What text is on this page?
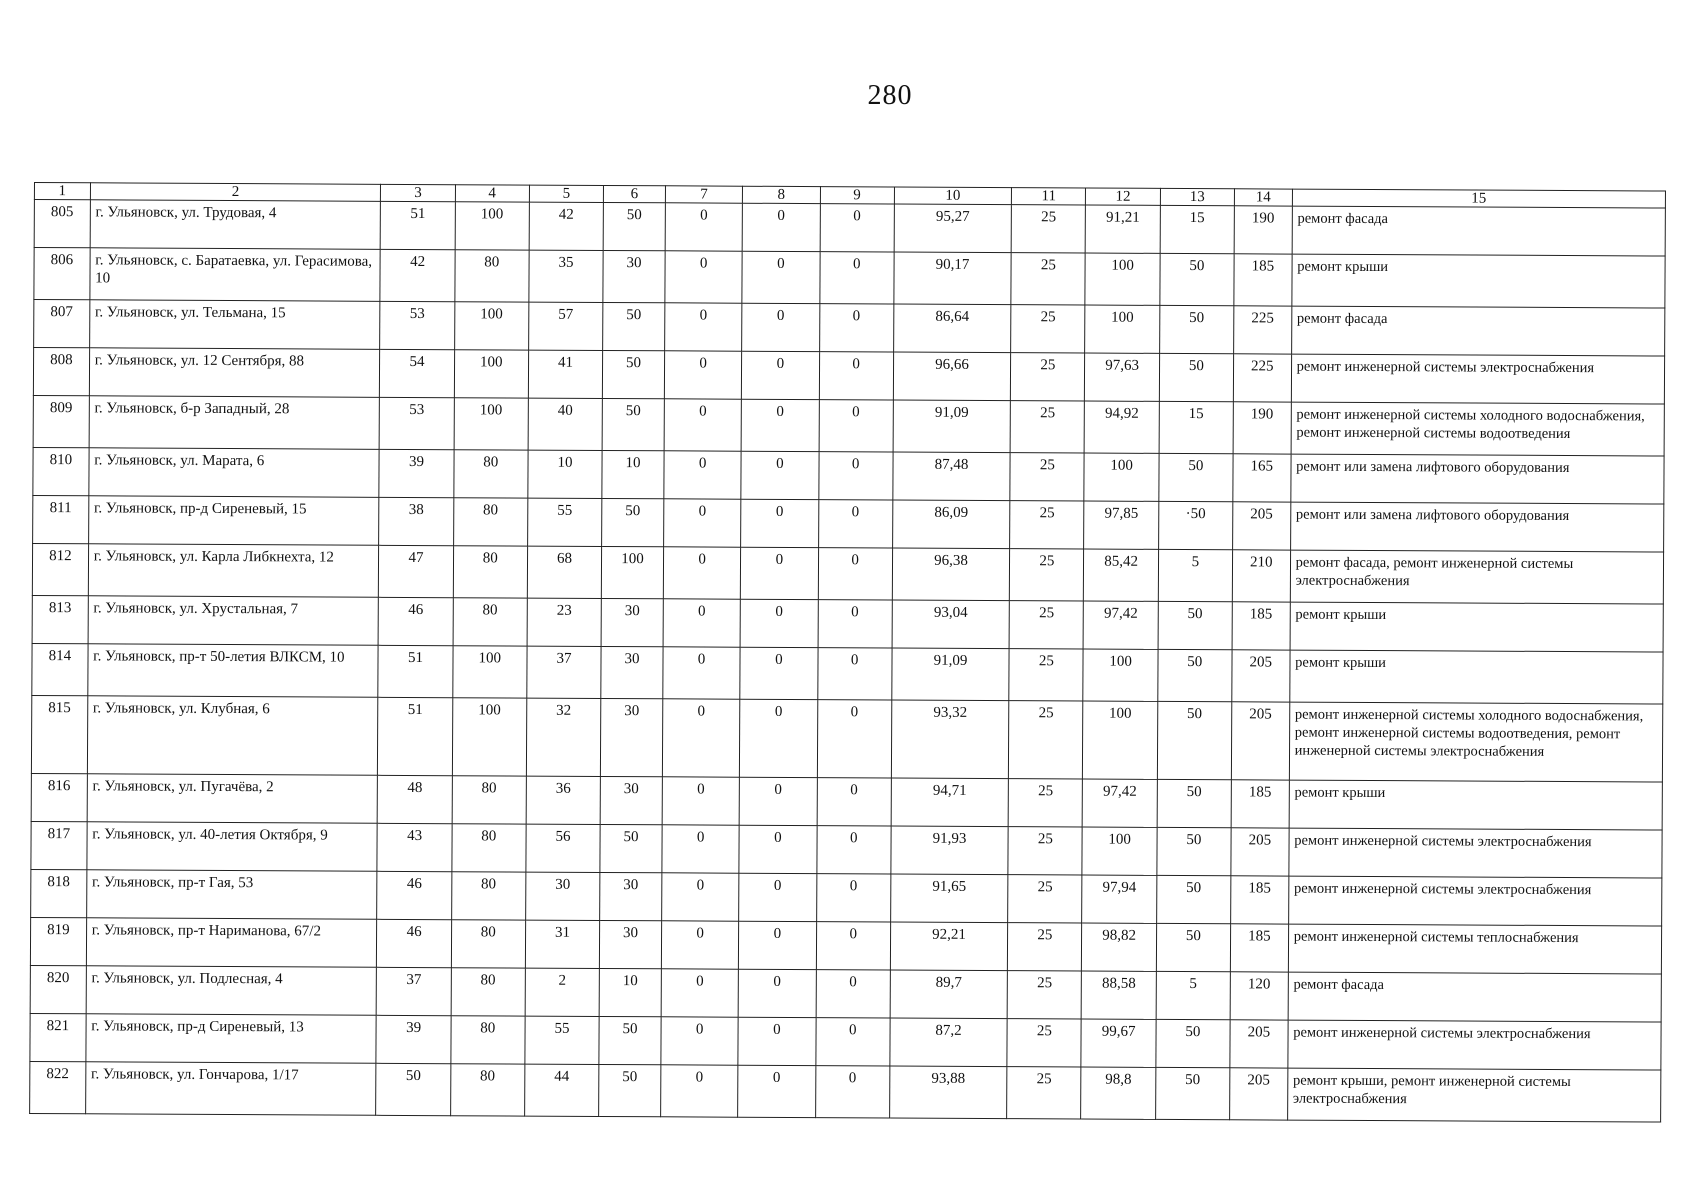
280
1	2	3	4	5	6	7	8	9	10	11	12	13	14	15
805	г. Ульяновск, ул. Трудовая, 4	51	100	42	50	0	0	0	95,27	25	91,21	15	190	ремонт фасада
806	г. Ульяновск, с. Баратаевка, ул. Герасимова, 10	42	80	35	30	0	0	0	90,17	25	100	50	185	ремонт крыши
807	г. Ульяновск, ул. Тельмана, 15	53	100	57	50	0	0	0	86,64	25	100	50	225	ремонт фасада
808	г. Ульяновск, ул. 12 Сентября, 88	54	100	41	50	0	0	0	96,66	25	97,63	50	225	ремонт инженерной системы электроснабжения
809	г. Ульяновск, б-р Западный, 28	53	100	40	50	0	0	0	91,09	25	94,92	15	190	ремонт инженерной системы холодного водоснабжения, ремонт инженерной системы водоотведения
810	г. Ульяновск, ул. Марата, 6	39	80	10	10	0	0	0	87,48	25	100	50	165	ремонт или замена лифтового оборудования
811	г. Ульяновск, пр-д Сиреневый, 15	38	80	55	50	0	0	0	86,09	25	97,85	·50	205	ремонт или замена лифтового оборудования
812	г. Ульяновск, ул. Карла Либкнехта, 12	47	80	68	100	0	0	0	96,38	25	85,42	5	210	ремонт фасада, ремонт инженерной системы электроснабжения
813	г. Ульяновск, ул. Хрустальная, 7	46	80	23	30	0	0	0	93,04	25	97,42	50	185	ремонт крыши
814	г. Ульяновск, пр-т 50-летия ВЛКСМ, 10	51	100	37	30	0	0	0	91,09	25	100	50	205	ремонт крыши
815	г. Ульяновск, ул. Клубная, 6	51	100	32	30	0	0	0	93,32	25	100	50	205	ремонт инженерной системы холодного водоснабжения, ремонт инженерной системы водоотведения, ремонт инженерной системы электроснабжения
816	г. Ульяновск, ул. Пугачёва, 2	48	80	36	30	0	0	0	94,71	25	97,42	50	185	ремонт крыши
817	г. Ульяновск, ул. 40-летия Октября, 9	43	80	56	50	0	0	0	91,93	25	100	50	205	ремонт инженерной системы электроснабжения
818	г. Ульяновск, пр-т Гая, 53	46	80	30	30	0	0	0	91,65	25	97,94	50	185	ремонт инженерной системы электроснабжения
819	г. Ульяновск, пр-т Нариманова, 67/2	46	80	31	30	0	0	0	92,21	25	98,82	50	185	ремонт инженерной системы теплоснабжения
820	г. Ульяновск, ул. Подлесная, 4	37	80	2	10	0	0	0	89,7	25	88,58	5	120	ремонт фасада
821	г. Ульяновск, пр-д Сиреневый, 13	39	80	55	50	0	0	0	87,2	25	99,67	50	205	ремонт инженерной системы электроснабжения
822	г. Ульяновск, ул. Гончарова, 1/17	50	80	44	50	0	0	0	93,88	25	98,8	50	205	ремонт крыши, ремонт инженерной системы электроснабжения
